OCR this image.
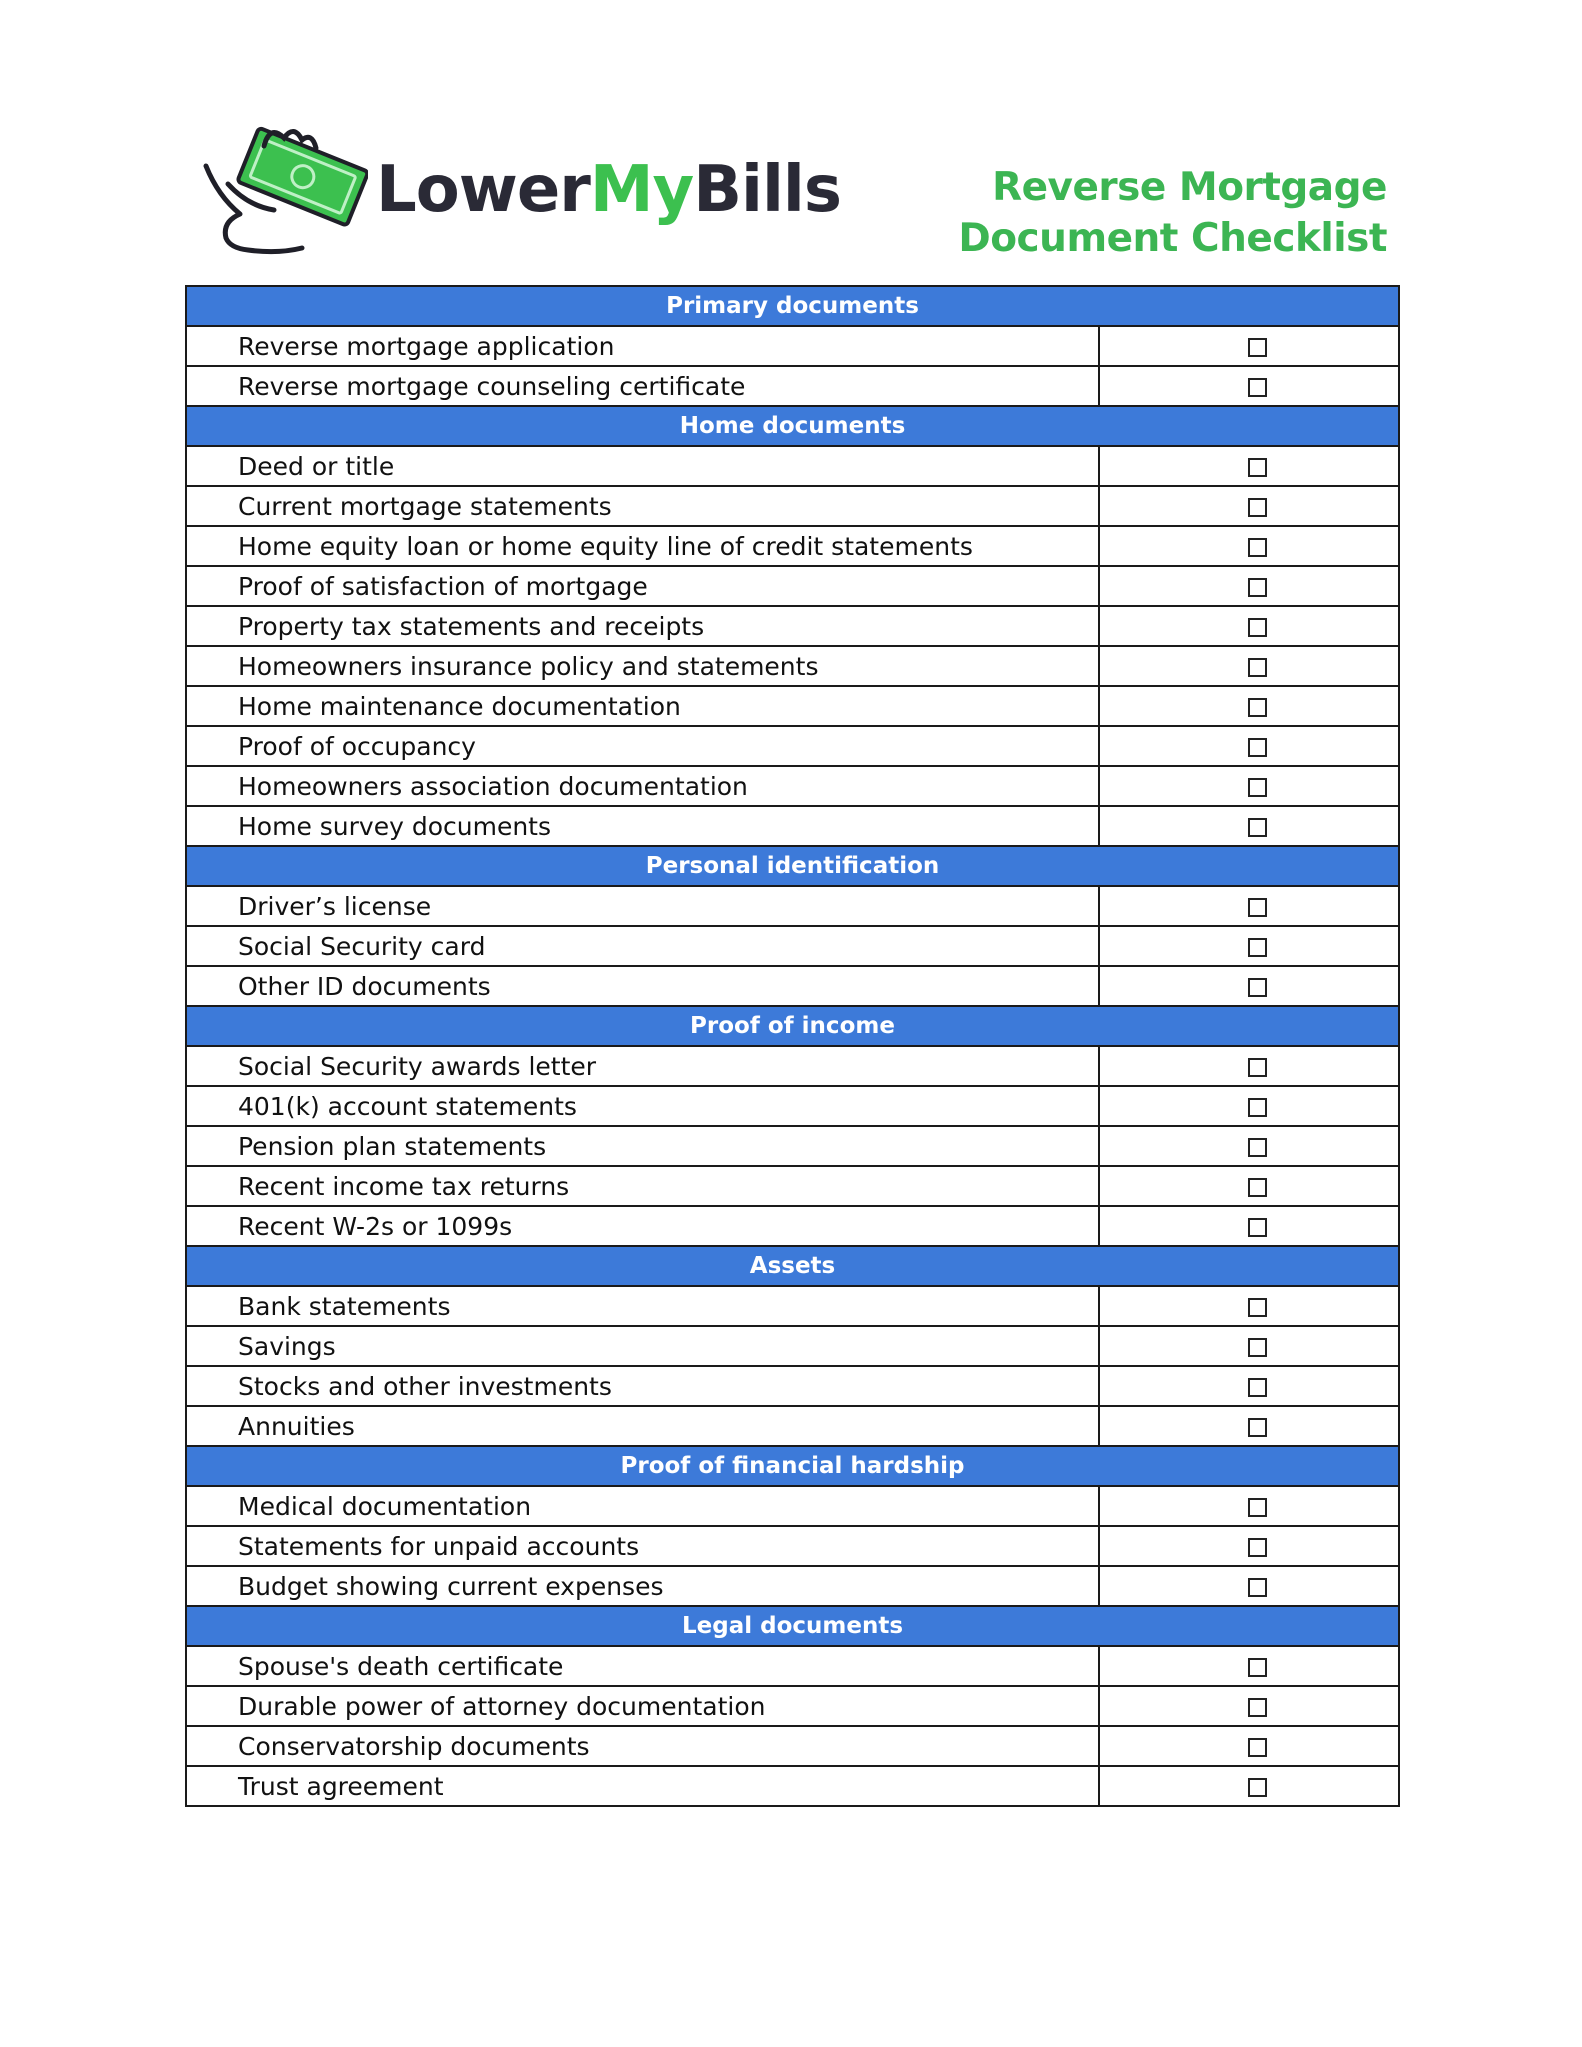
LowerMyBills	Reverse Mortgage
Document Checklist
Primary documents	
Reverse mortgage application	
Reverse mortgage counseling certificate	
Home documents	
Deed or title	
Current mortgage statements	
Home equity loan or home equity line of credit statements	
Proof of satisfaction of mortgage	
Property tax statements and receipts	
Homeowners insurance policy and statements	
Home maintenance documentation	
Proof of occupancy	
Homeowners association documentation	
Home survey documents	
Personal identification	
Driver’s license	
Social Security card	
Other ID documents	
Proof of income	
Social Security awards letter	
401(k) account statements	
Pension plan statements	
Recent income tax returns	
Recent W-2s or 1099s	
Assets	
Bank statements	
Savings	
Stocks and other investments	
Annuities	
Proof of financial hardship	
Medical documentation	
Statements for unpaid accounts	
Budget showing current expenses	
Legal documents	
Spouse's death certificate	
Durable power of attorney documentation	
Conservatorship documents	
Trust agreement	
